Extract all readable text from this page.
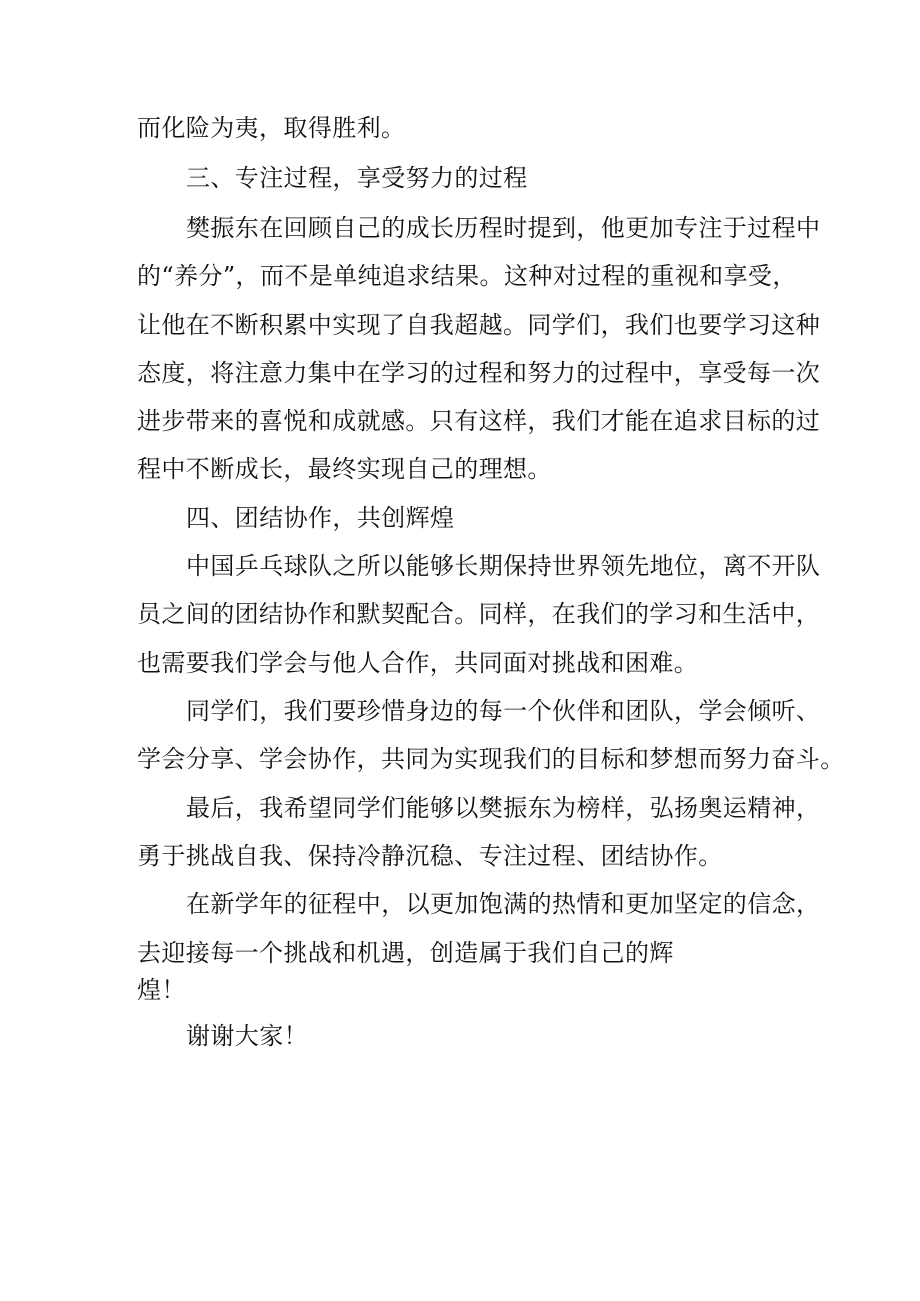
而化险为夷，取得胜利。
三、专注过程，享受努力的过程
樊振东在回顾自己的成长历程时提到，他更加专注于过程中
的“养分”，而不是单纯追求结果。这种对过程的重视和享受，
让他在不断积累中实现了自我超越。同学们，我们也要学习这种
态度，将注意力集中在学习的过程和努力的过程中，享受每一次
进步带来的喜悦和成就感。只有这样，我们才能在追求目标的过
程中不断成长，最终实现自己的理想。
四、团结协作，共创辉煌
中国乒乓球队之所以能够长期保持世界领先地位，离不开队
员之间的团结协作和默契配合。同样，在我们的学习和生活中，
也需要我们学会与他人合作，共同面对挑战和困难。
同学们，我们要珍惜身边的每一个伙伴和团队，学会倾听、
学会分享、学会协作，共同为实现我们的目标和梦想而努力奋斗。
最后，我希望同学们能够以樊振东为榜样，弘扬奥运精神，
勇于挑战自我、保持冷静沉稳、专注过程、团结协作。
在新学年的征程中，以更加饱满的热情和更加坚定的信念，
去迎接每一个挑战和机遇，创造属于我们自己的辉
煌！
谢谢大家！
